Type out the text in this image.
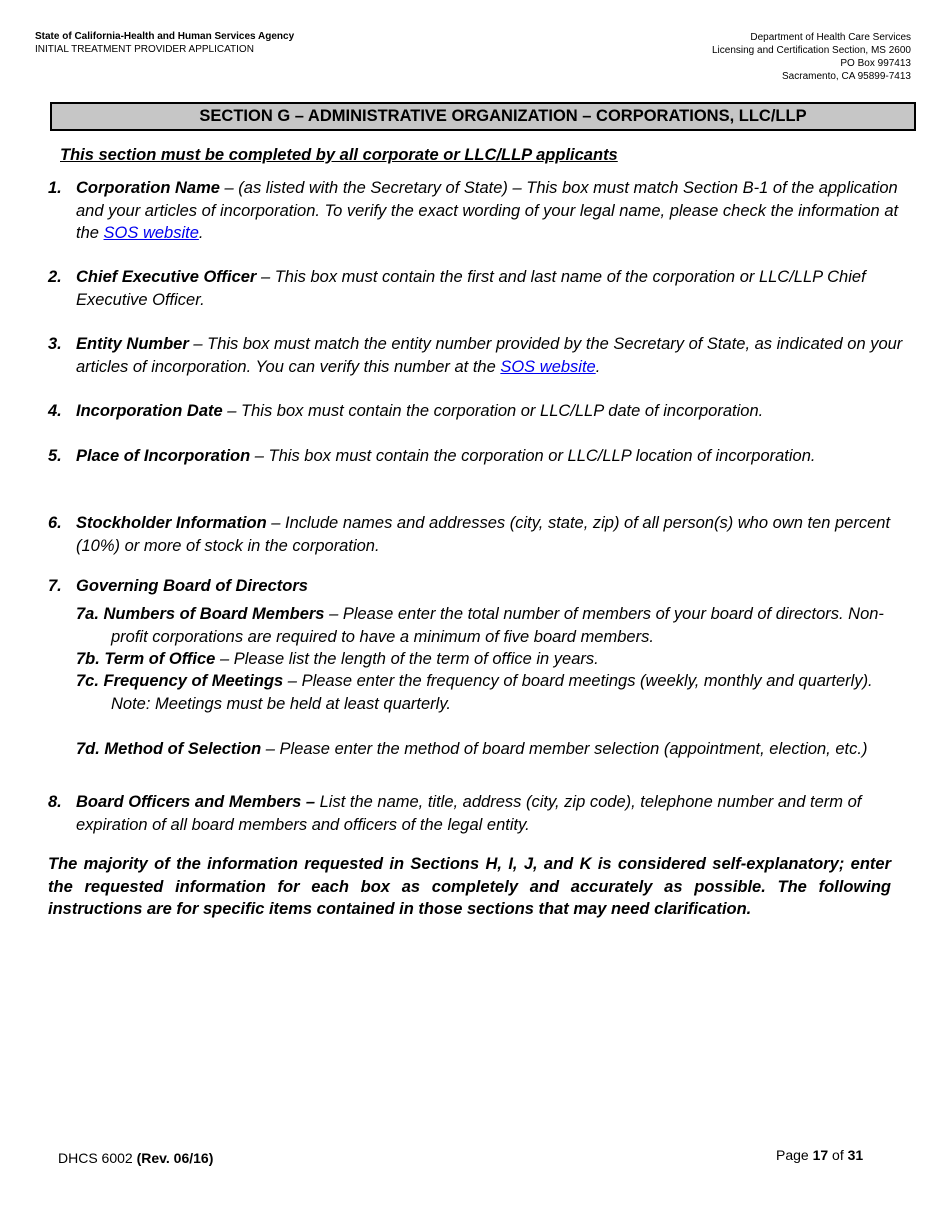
State of California-Health and Human Services Agency
INITIAL TREATMENT PROVIDER APPLICATION
Department of Health Care Services
Licensing and Certification Section, MS 2600
PO Box 997413
Sacramento, CA 95899-7413
SECTION G – ADMINISTRATIVE ORGANIZATION – CORPORATIONS, LLC/LLP
This section must be completed by all corporate or LLC/LLP applicants
1. Corporation Name – (as listed with the Secretary of State) – This box must match Section B-1 of the application and your articles of incorporation. To verify the exact wording of your legal name, please check the information at the SOS website.
2. Chief Executive Officer – This box must contain the first and last name of the corporation or LLC/LLP Chief Executive Officer.
3. Entity Number – This box must match the entity number provided by the Secretary of State, as indicated on your articles of incorporation. You can verify this number at the SOS website.
4. Incorporation Date – This box must contain the corporation or LLC/LLP date of incorporation.
5. Place of Incorporation – This box must contain the corporation or LLC/LLP location of incorporation.
6. Stockholder Information – Include names and addresses (city, state, zip) of all person(s) who own ten percent (10%) or more of stock in the corporation.
7. Governing Board of Directors
7a. Numbers of Board Members – Please enter the total number of members of your board of directors. Non-profit corporations are required to have a minimum of five board members.
7b. Term of Office – Please list the length of the term of office in years.
7c. Frequency of Meetings – Please enter the frequency of board meetings (weekly, monthly and quarterly). Note: Meetings must be held at least quarterly.
7d. Method of Selection – Please enter the method of board member selection (appointment, election, etc.)
8. Board Officers and Members – List the name, title, address (city, zip code), telephone number and term of expiration of all board members and officers of the legal entity.
The majority of the information requested in Sections H, I, J, and K is considered self-explanatory; enter the requested information for each box as completely and accurately as possible. The following instructions are for specific items contained in those sections that may need clarification.
DHCS 6002 (Rev. 06/16)	Page 17 of 31
